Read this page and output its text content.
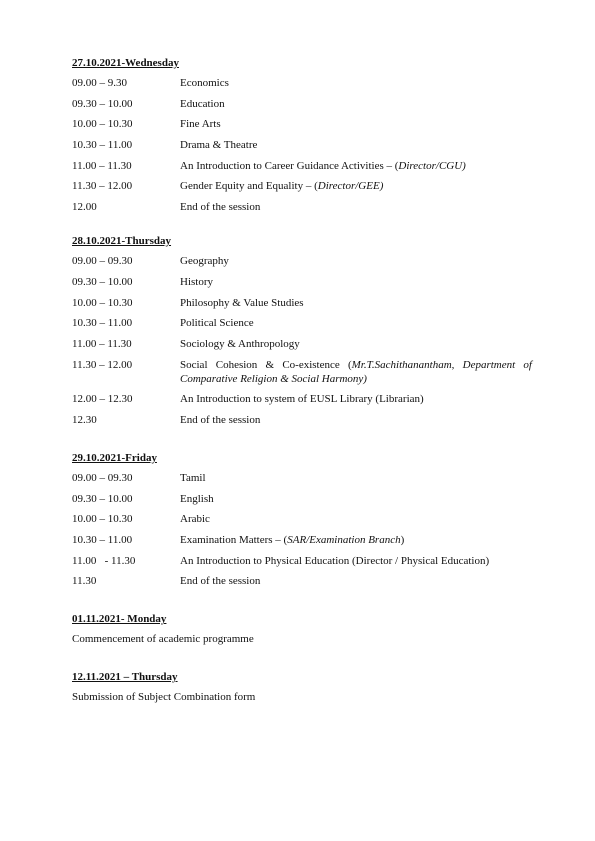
27.10.2021-Wednesday
09.00 – 9.30	Economics
09.30 – 10.00	Education
10.00 – 10.30	Fine Arts
10.30 – 11.00	Drama & Theatre
11.00 – 11.30	An Introduction to Career Guidance Activities – (Director/CGU)
11.30 – 12.00	Gender Equity and Equality – (Director/GEE)
12.00	End of the session
28.10.2021-Thursday
09.00 – 09.30	Geography
09.30 – 10.00	History
10.00 – 10.30	Philosophy & Value Studies
10.30 – 11.00	Political Science
11.00 – 11.30	Sociology & Anthropology
11.30 – 12.00	Social Cohesion & Co-existence (Mr.T.Sachithanantham, Department of Comparative Religion & Social Harmony)
12.00 – 12.30	An Introduction to system of EUSL Library (Librarian)
12.30	End of the session
29.10.2021-Friday
09.00 – 09.30	Tamil
09.30 – 10.00	English
10.00 – 10.30	Arabic
10.30 – 11.00	Examination Matters – (SAR/Examination Branch)
11.00   - 11.30	An Introduction to Physical Education (Director / Physical Education)
11.30	End of the session
01.11.2021- Monday
Commencement of academic programme
12.11.2021 – Thursday
Submission of Subject Combination form
